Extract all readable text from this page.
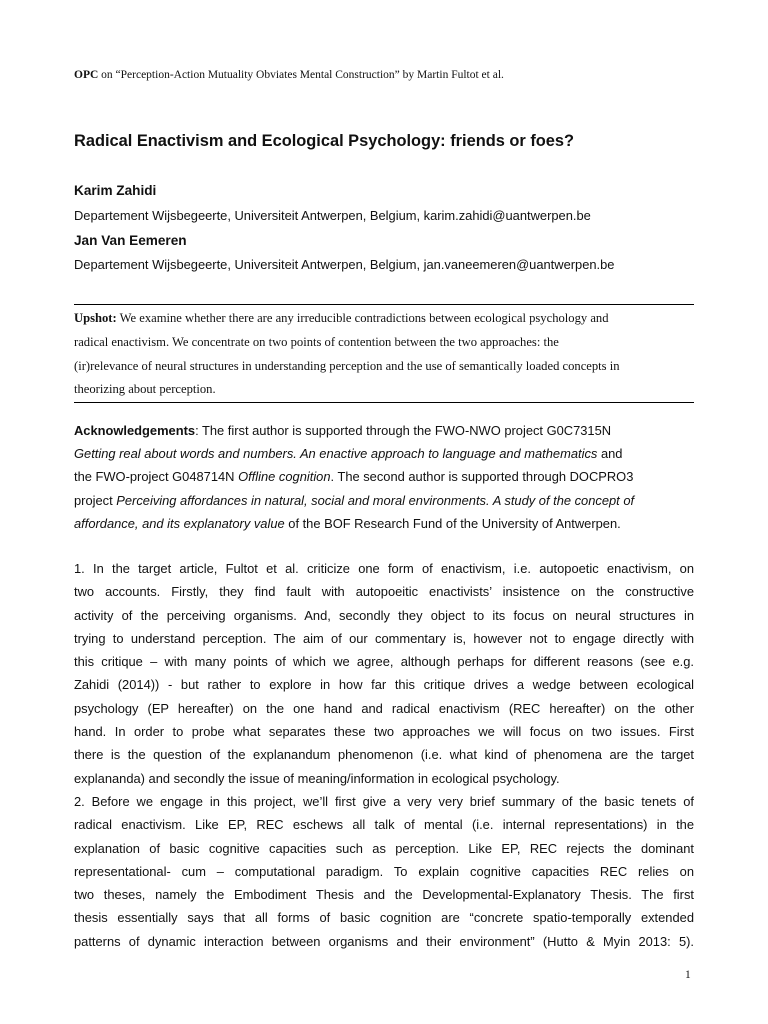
OPC on “Perception-Action Mutuality Obviates Mental Construction” by Martin Fultot et al.
Radical Enactivism and Ecological Psychology: friends or foes?
Karim Zahidi
Departement Wijsbegeerte, Universiteit Antwerpen, Belgium, karim.zahidi@uantwerpen.be
Jan Van Eemeren
Departement Wijsbegeerte, Universiteit Antwerpen, Belgium, jan.vaneemeren@uantwerpen.be
Upshot: We examine whether there are any irreducible contradictions between ecological psychology and
radical enactivism. We concentrate on two points of contention between the two approaches: the
(ir)relevance of neural structures in understanding perception and the use of semantically loaded concepts in
theorizing about perception.
Acknowledgements: The first author is supported through the FWO-NWO project G0C7315N
Getting real about words and numbers. An enactive approach to language and mathematics and
the FWO-project G048714N Offline cognition. The second author is supported through DOCPRO3
project Perceiving affordances in natural, social and moral environments. A study of the concept of
affordance, and its explanatory value of the BOF Research Fund of the University of Antwerpen.
1. In the target article, Fultot et al. criticize one form of enactivism, i.e. autopoetic enactivism, on
two accounts. Firstly, they find fault with autopoeitic enactivists’ insistence on the constructive
activity of the perceiving organisms. And, secondly they object to its focus on neural structures in
trying to understand perception. The aim of our commentary is, however not to engage directly with
this critique – with many points of which we agree, although perhaps for different reasons (see e.g.
Zahidi (2014)) - but rather to explore in how far this critique drives a wedge between ecological
psychology (EP hereafter) on the one hand and radical enactivism (REC hereafter) on the other
hand. In order to probe what separates these two approaches we will focus on two issues. First
there is the question of the explanandum phenomenon (i.e. what kind of phenomena are the target
explananda) and secondly the issue of meaning/information in ecological psychology.
2. Before we engage in this project, we’ll first give a very very brief summary of the basic tenets of
radical enactivism. Like EP, REC eschews all talk of mental (i.e. internal representations) in the
explanation of basic cognitive capacities such as perception. Like EP, REC rejects the dominant
representational- cum – computational paradigm. To explain cognitive capacities REC relies on
two theses, namely the Embodiment Thesis and the Developmental-Explanatory Thesis. The first
thesis essentially says that all forms of basic cognition are “concrete spatio-temporally extended
patterns of dynamic interaction between organisms and their environment” (Hutto & Myin 2013: 5).
1
